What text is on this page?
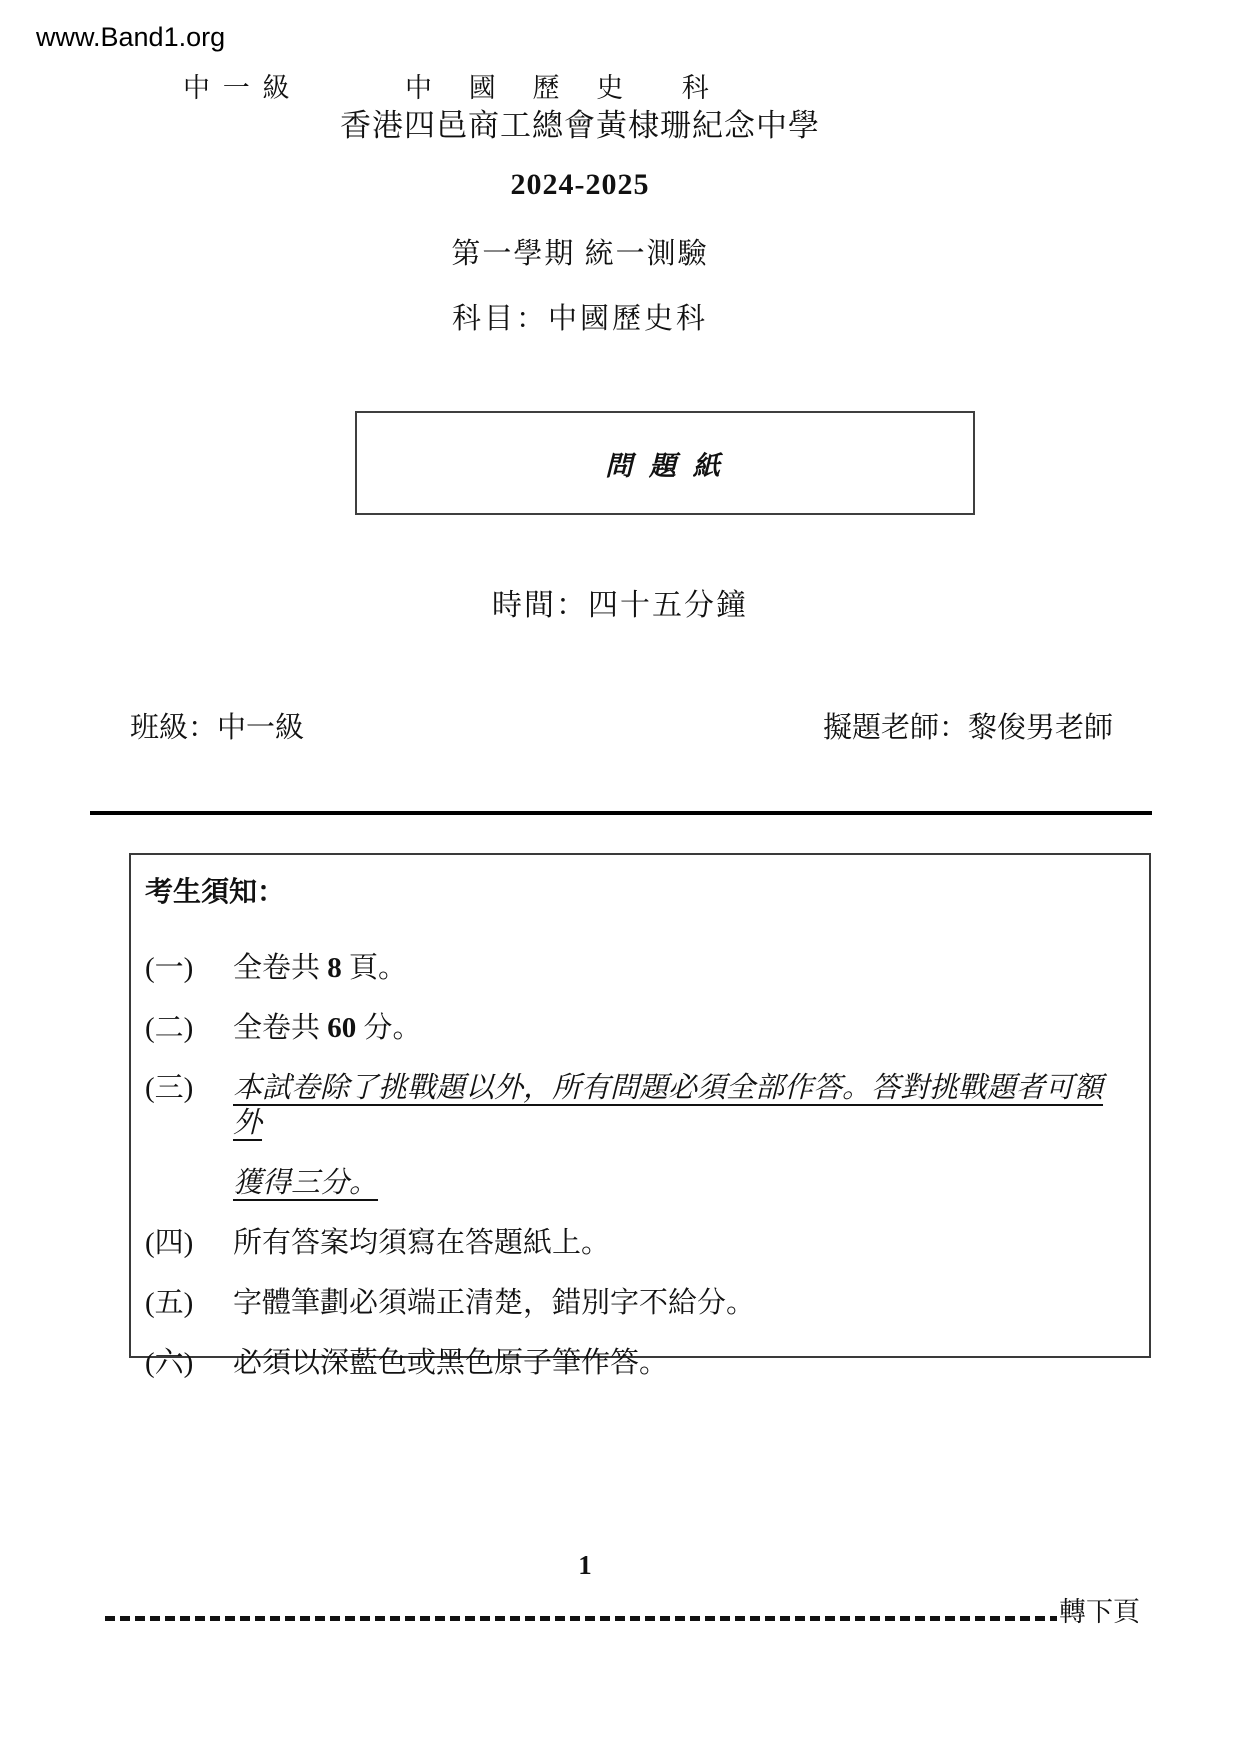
www.Band1.org
中 一 級	中 國 歷 史  科
香港四邑商工總會黃棣珊紀念中學
2024-2025
第一學期 統一測驗
科目：中國歷史科
問 題 紙
時間：四十五分鐘
班級：中一級	擬題老師：黎俊男老師
考生須知：
(一)	全卷共 8 頁。
(二)	全卷共 60 分。
(三)	本試卷除了挑戰題以外，所有問題必須全部作答。答對挑戰題者可額外
獲得三分。
(四)	所有答案均須寫在答題紙上。
(五)	字體筆劃必須端正清楚，錯別字不給分。
(六)	必須以深藍色或黑色原子筆作答。
1
轉下頁
